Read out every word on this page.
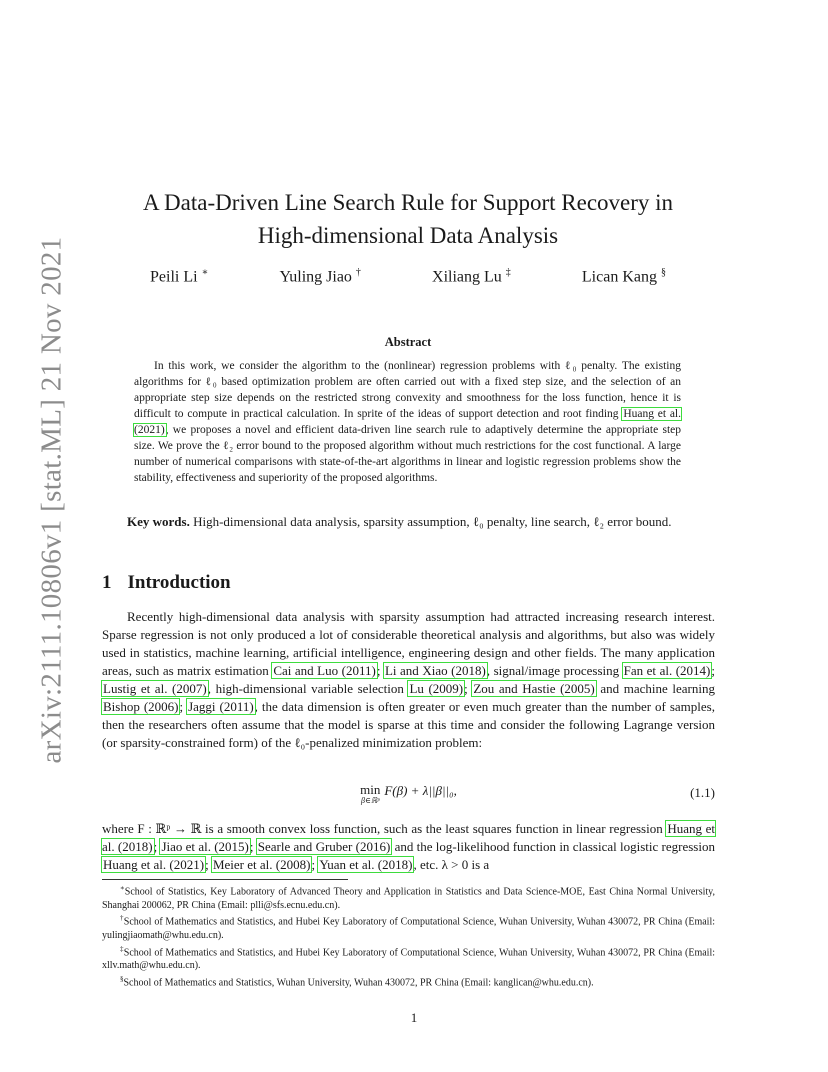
arXiv:2111.10806v1 [stat.ML] 21 Nov 2021
A Data-Driven Line Search Rule for Support Recovery in
High-dimensional Data Analysis
Peili Li ∗	Yuling Jiao †	Xiliang Lu ‡	Lican Kang §
Abstract
In this work, we consider the algorithm to the (nonlinear) regression problems with ℓ₀ penalty. The existing algorithms for ℓ₀ based optimization problem are often carried out with a fixed step size, and the selection of an appropriate step size depends on the restricted strong convexity and smoothness for the loss function, hence it is difficult to compute in practical calculation. In sprite of the ideas of support detection and root finding Huang et al. (2021), we proposes a novel and efficient data-driven line search rule to adaptively determine the appropriate step size. We prove the ℓ₂ error bound to the proposed algorithm without much restrictions for the cost functional. A large number of numerical comparisons with state-of-the-art algorithms in linear and logistic regression problems show the stability, effectiveness and superiority of the proposed algorithms.
Key words. High-dimensional data analysis, sparsity assumption, ℓ₀ penalty, line search, ℓ₂ error bound.
1 Introduction
Recently high-dimensional data analysis with sparsity assumption had attracted increasing research interest. Sparse regression is not only produced a lot of considerable theoretical analysis and algorithms, but also was widely used in statistics, machine learning, artificial intelligence, engineering design and other fields. The many application areas, such as matrix estimation Cai and Luo (2011); Li and Xiao (2018), signal/image processing Fan et al. (2014); Lustig et al. (2007), high-dimensional variable selection Lu (2009); Zou and Hastie (2005) and machine learning Bishop (2006); Jaggi (2011), the data dimension is often greater or even much greater than the number of samples, then the researchers often assume that the model is sparse at this time and consider the following Lagrange version (or sparsity-constrained form) of the ℓ₀-penalized minimization problem:
min
β∈ℝᵖ
F(β) + λ||β||₀,	(1.1)
where F : ℝᵖ → ℝ is a smooth convex loss function, such as the least squares function in linear regression Huang et al. (2018); Jiao et al. (2015); Searle and Gruber (2016) and the log-likelihood function in classical logistic regression Huang et al. (2021); Meier et al. (2008); Yuan et al. (2018), etc. λ > 0 is a

∗School of Statistics, Key Laboratory of Advanced Theory and Application in Statistics and Data Science-MOE, East China Normal University, Shanghai 200062, PR China (Email: plli@sfs.ecnu.edu.cn).

†School of Mathematics and Statistics, and Hubei Key Laboratory of Computational Science, Wuhan University, Wuhan 430072, PR China (Email: yulingjiaomath@whu.edu.cn).

‡School of Mathematics and Statistics, and Hubei Key Laboratory of Computational Science, Wuhan University, Wuhan 430072, PR China (Email: xllv.math@whu.edu.cn).

§School of Mathematics and Statistics, Wuhan University, Wuhan 430072, PR China (Email: kanglican@whu.edu.cn).

1
